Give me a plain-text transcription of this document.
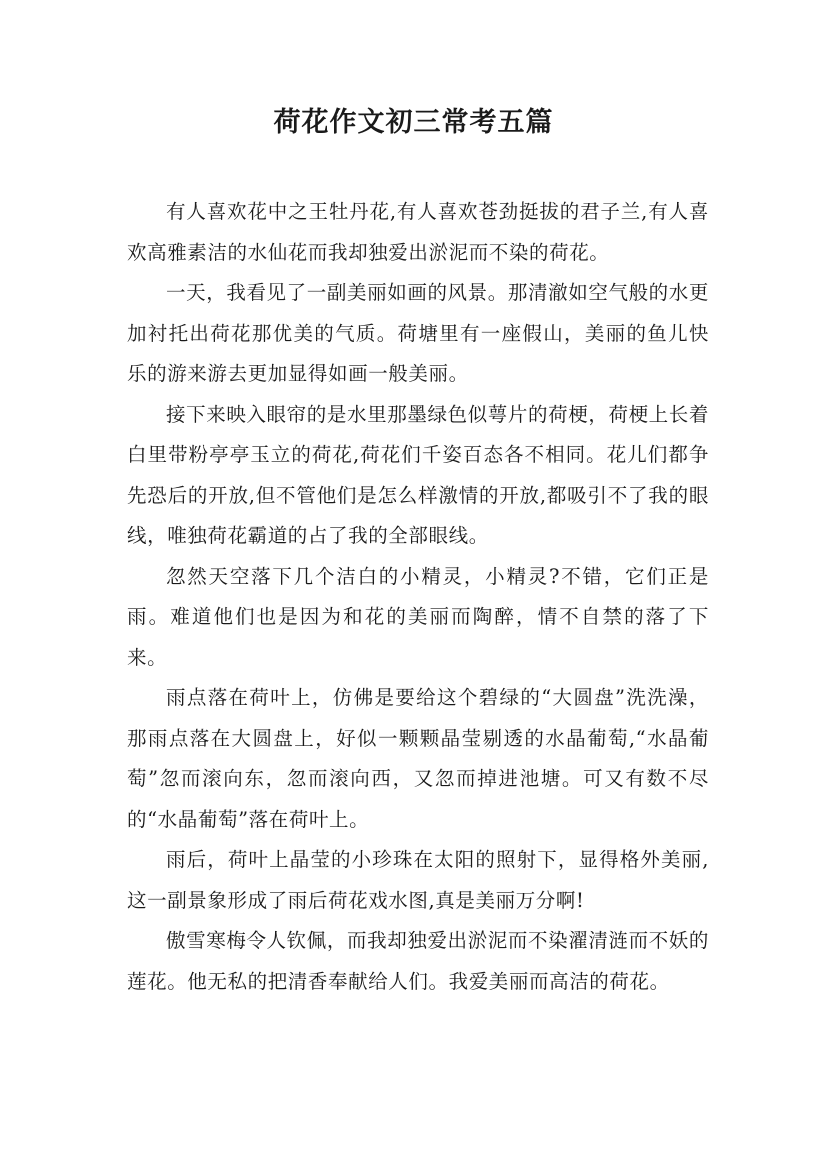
荷花作文初三常考五篇

有人喜欢花中之王牡丹花,有人喜欢苍劲挺拔的君子兰,有人喜欢高雅素洁的水仙花而我却独爱出淤泥而不染的荷花。

一天，我看见了一副美丽如画的风景。那清澈如空气般的水更加衬托出荷花那优美的气质。荷塘里有一座假山，美丽的鱼儿快乐的游来游去更加显得如画一般美丽。

接下来映入眼帘的是水里那墨绿色似萼片的荷梗，荷梗上长着白里带粉亭亭玉立的荷花,荷花们千姿百态各不相同。花儿们都争先恐后的开放,但不管他们是怎么样激情的开放,都吸引不了我的眼线，唯独荷花霸道的占了我的全部眼线。

忽然天空落下几个洁白的小精灵，小精灵?不错，它们正是雨。难道他们也是因为和花的美丽而陶醉，情不自禁的落了下来。

雨点落在荷叶上，仿佛是要给这个碧绿的“大圆盘”洗洗澡，那雨点落在大圆盘上，好似一颗颗晶莹剔透的水晶葡萄,“水晶葡萄”忽而滚向东，忽而滚向西，又忽而掉进池塘。可又有数不尽的“水晶葡萄”落在荷叶上。

雨后，荷叶上晶莹的小珍珠在太阳的照射下，显得格外美丽,这一副景象形成了雨后荷花戏水图,真是美丽万分啊!

傲雪寒梅令人钦佩，而我却独爱出淤泥而不染濯清涟而不妖的莲花。他无私的把清香奉献给人们。我爱美丽而高洁的荷花。
